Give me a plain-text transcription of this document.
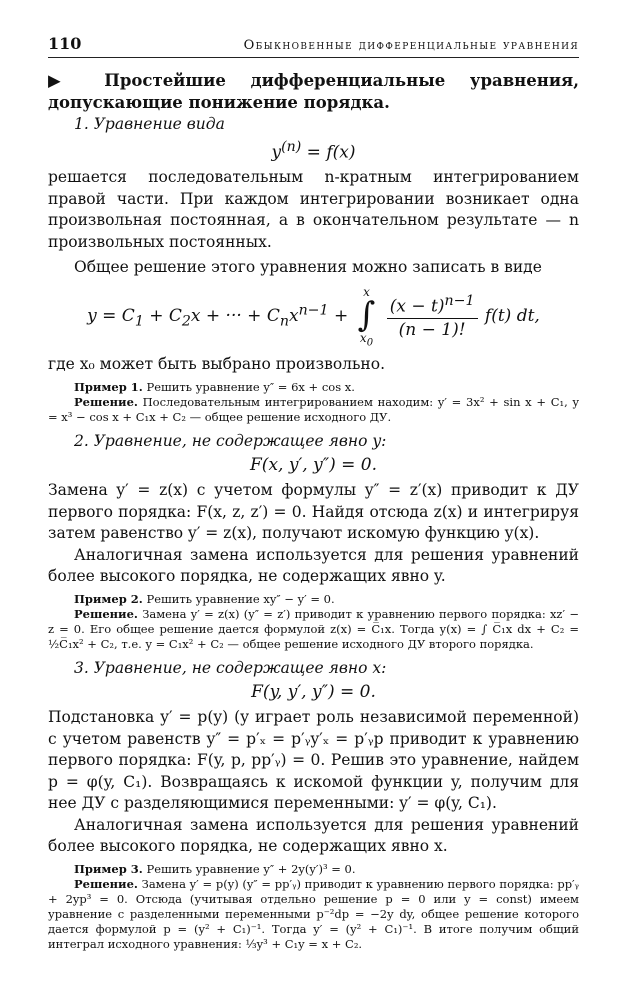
110	Обыкновенные дифференциальные уравнения
▶ Простейшие дифференциальные уравнения, допускающие понижение порядка.
1. Уравнение вида
$y^{(n)} = f(x)$
решается последовательным n-кратным интегрированием правой части. При каждом интегрировании возникает одна произвольная постоянная, а в окончательном результате — n произвольных постоянных.
Общее решение этого уравнения можно записать в виде
$y = C_1 + C_2x$ + ··· + $C_nx^{n-1}$ +
x
∫
$x_0$

$\frac{(x - t)^{n-1}}{(n - 1)!} f(t)$ dt,
где x₀ может быть выбрано произвольно.
Пример 1. Решить уравнение y″ = 6x + cos x.
Решение. Последовательным интегрированием находим: y′ = 3x² + sin x + C₁, y = x³ − cos x + C₁x + C₂ — общее решение исходного ДУ.
2. Уравнение, не содержащее явно y:
F(x, y′, y″) = 0.
Замена y′ = z(x) с учетом формулы y″ = z′(x) приводит к ДУ первого порядка: F(x, z, z′) = 0. Найдя отсюда z(x) и интегрируя затем равенство y′ = z(x), получают искомую функцию y(x).
Аналогичная замена используется для решения уравнений более высокого порядка, не содержащих явно y.
Пример 2. Решить уравнение xy″ − y′ = 0.
Решение. Замена y′ = z(x) (y″ = z′) приводит к уравнению первого порядка: xz′ − z = 0. Его общее решение дается формулой z(x) = C̅₁x. Тогда y(x) = ∫ C̅₁x dx + C₂ = ½C̅₁x² + C₂, т.е. y = C₁x² + C₂ — общее решение исходного ДУ второго порядка.
3. Уравнение, не содержащее явно x:
F(y, y′, y″) = 0.
Подстановка y′ = p(y) (y играет роль независимой переменной) с учетом равенств y″ = p′ₓ = p′ᵧy′ₓ = p′ᵧp приводит к уравнению первого порядка: F(y, p, pp′ᵧ) = 0. Решив это уравнение, найдем p = φ(y, C₁). Возвращаясь к искомой функции y, получим для нее ДУ с разделяющимися переменными: y′ = φ(y, C₁).
Аналогичная замена используется для решения уравнений более высокого порядка, не содержащих явно x.
Пример 3. Решить уравнение y″ + 2y(y′)³ = 0.
Решение. Замена y′ = p(y) (y″ = pp′ᵧ) приводит к уравнению первого порядка: pp′ᵧ + 2yp³ = 0. Отсюда (учитывая отдельно решение p = 0 или y = const) имеем уравнение с разделенными переменными p⁻²dp = −2y dy, общее решение которого дается формулой p = (y² + C₁)⁻¹. Тогда y′ = (y² + C₁)⁻¹. В итоге получим общий интеграл исходного уравнения: ⅓y³ + C₁y = x + C₂.
